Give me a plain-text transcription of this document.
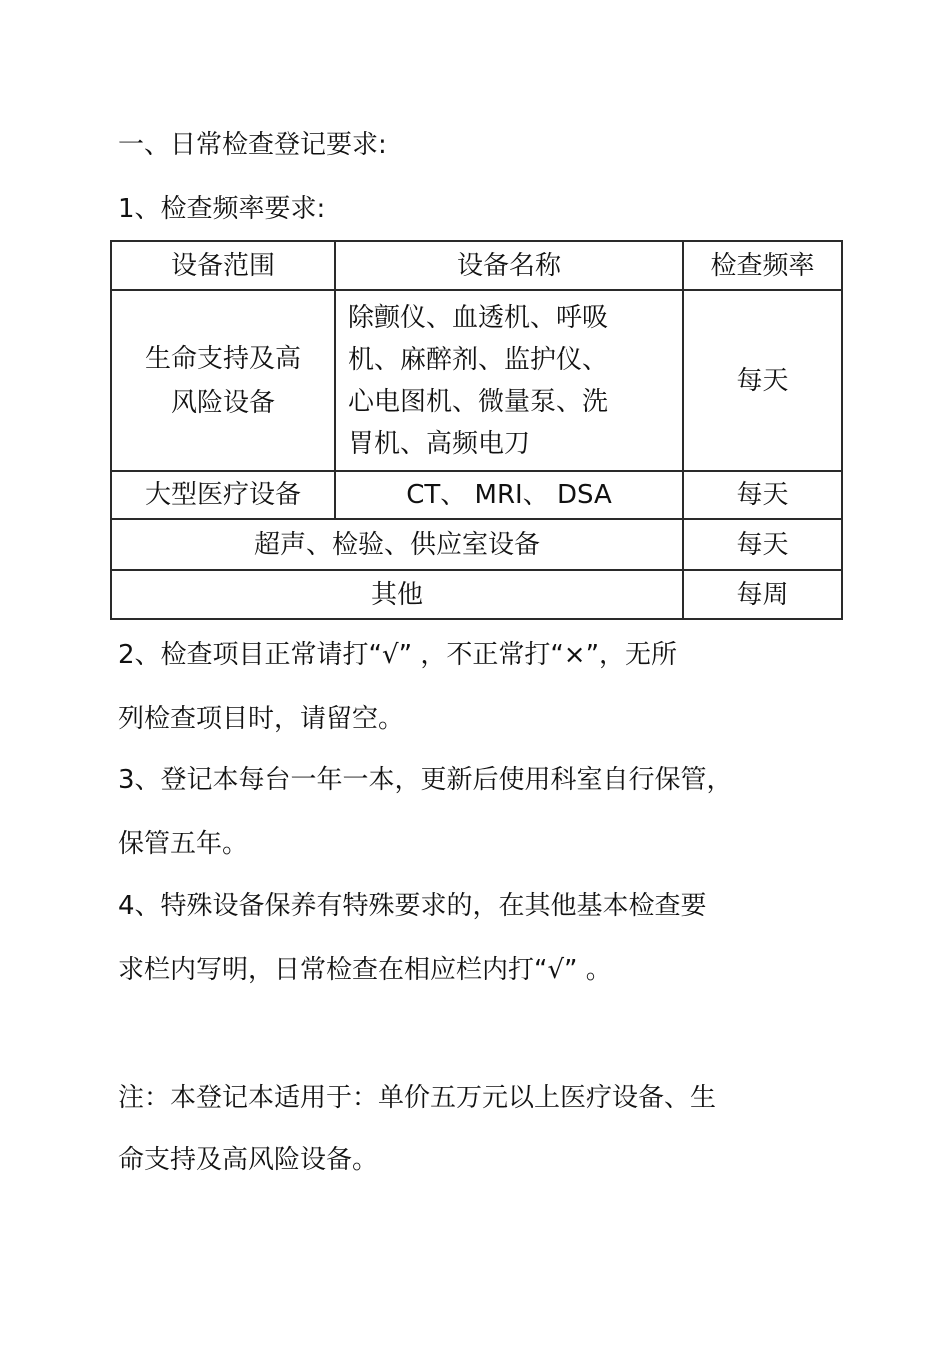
一、日常检查登记要求:

1、检查频率要求:

设备范围	设备名称	检查频率

生命支持及高
风险设备	除颤仪、血透机、呼吸
机、麻醉剂、监护仪、
心电图机、微量泵、洗
胃机、高频电刀	每天
大型医疗设备	CT、 MRI、 DSA	每天
超声、检验、供应室设备		每天
其他		每周

2、检查项目正常请打“√” ，不正常打“×”，无所

列检查项目时，请留空。

3、登记本每台一年一本，更新后使用科室自行保管，

保管五年。

4、特殊设备保养有特殊要求的，在其他基本检查要

求栏内写明，日常检查在相应栏内打“√” 。

注：本登记本适用于：单价五万元以上医疗设备、生

命支持及高风险设备。
